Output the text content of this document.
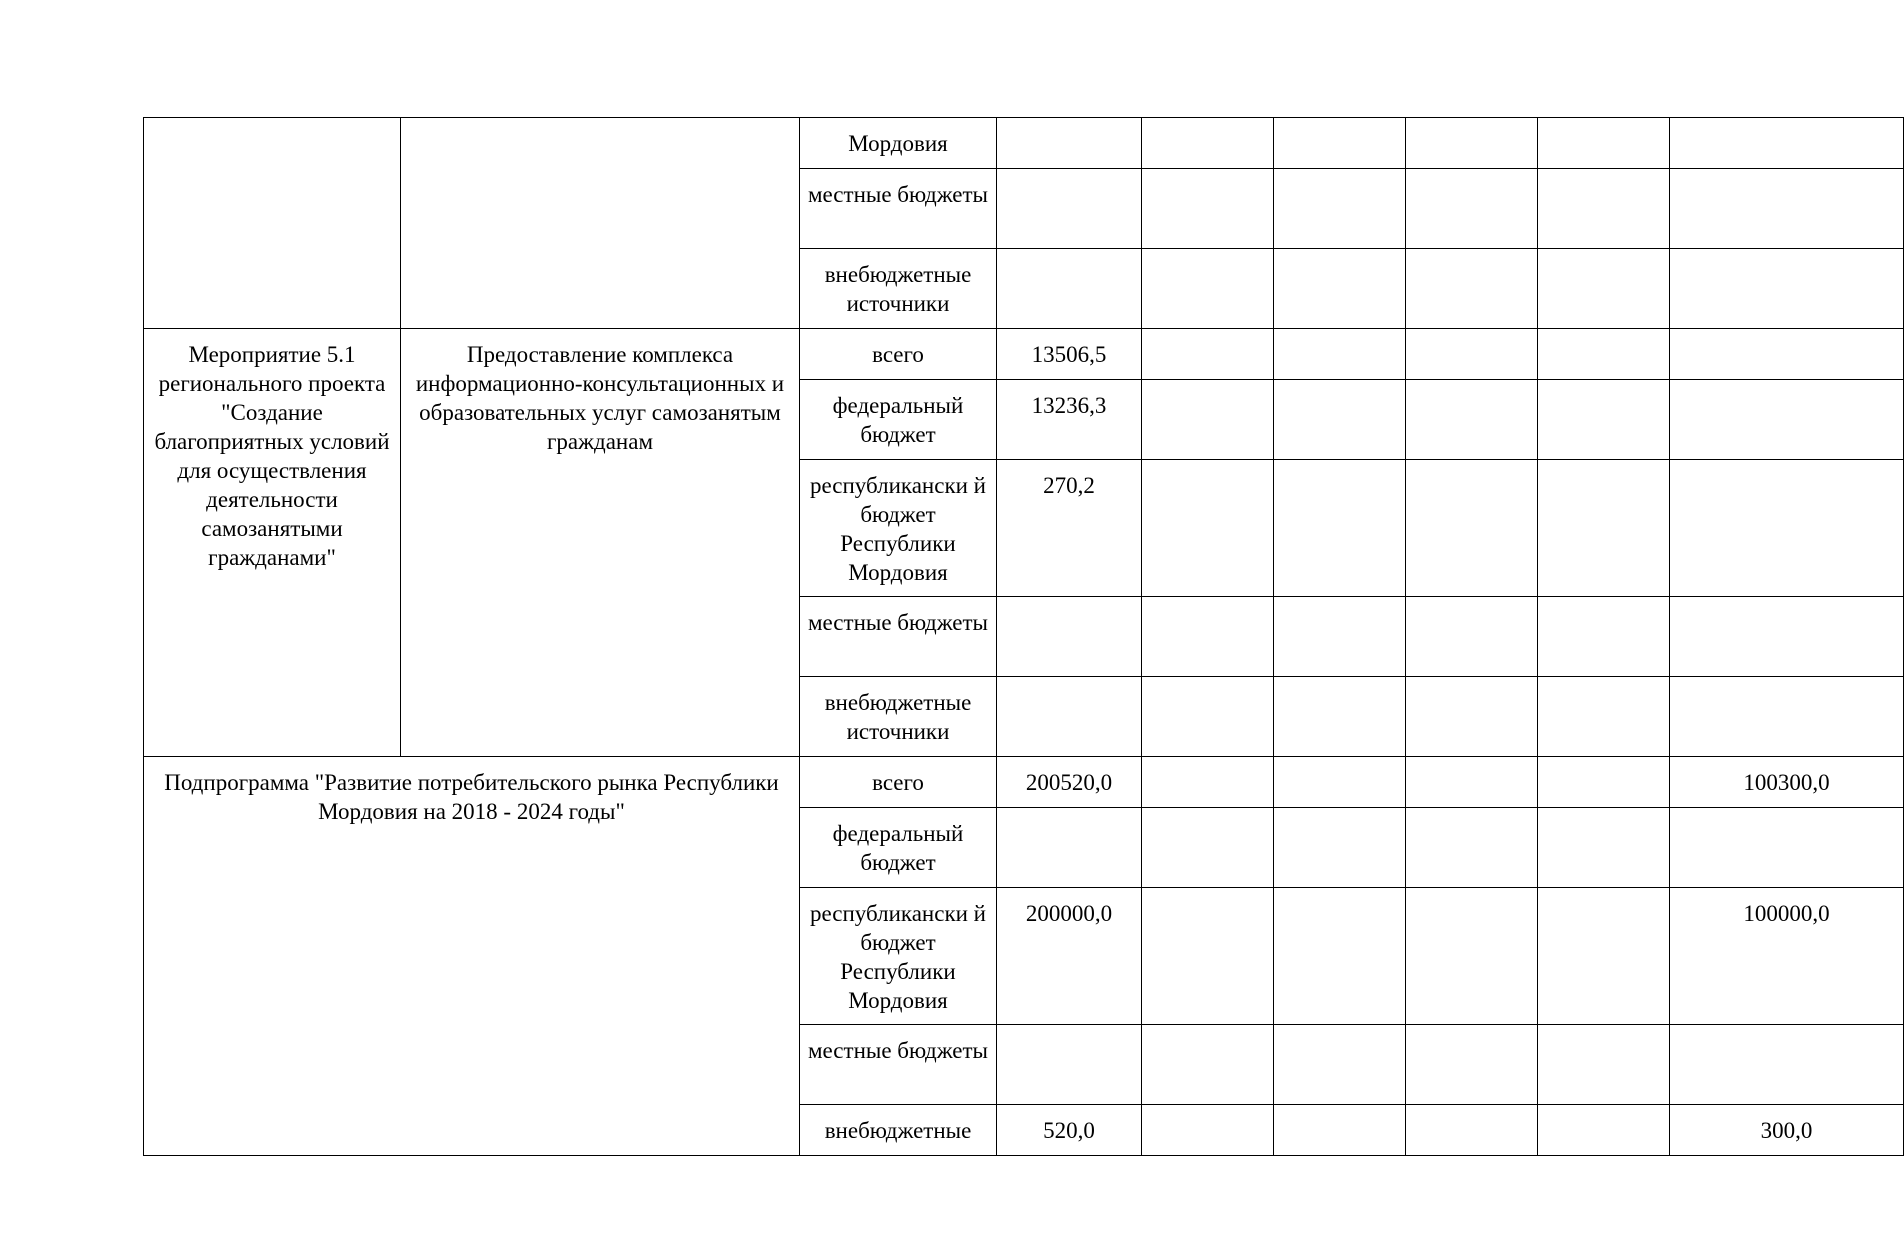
		Мордовия						
		местные бюджеты						
		внебюджетные источники						
Мероприятие 5.1 регионального проекта "Создание благоприятных условий для осуществления деятельности самозанятыми гражданами"	Предоставление комплекса информационно-консультационных и образовательных услуг самозанятым гражданам	всего	13506,5					
		федеральный бюджет	13236,3					
		республикански й бюджет Республики Мордовия	270,2					
		местные бюджеты						
		внебюджетные источники						
Подпрограмма "Развитие потребительского рынка Республики Мордовия на 2018 - 2024 годы"		всего	200520,0					100300,0
		федеральный бюджет						
		республикански й бюджет Республики Мордовия	200000,0					100000,0
		местные бюджеты						
		внебюджетные	520,0					300,0
